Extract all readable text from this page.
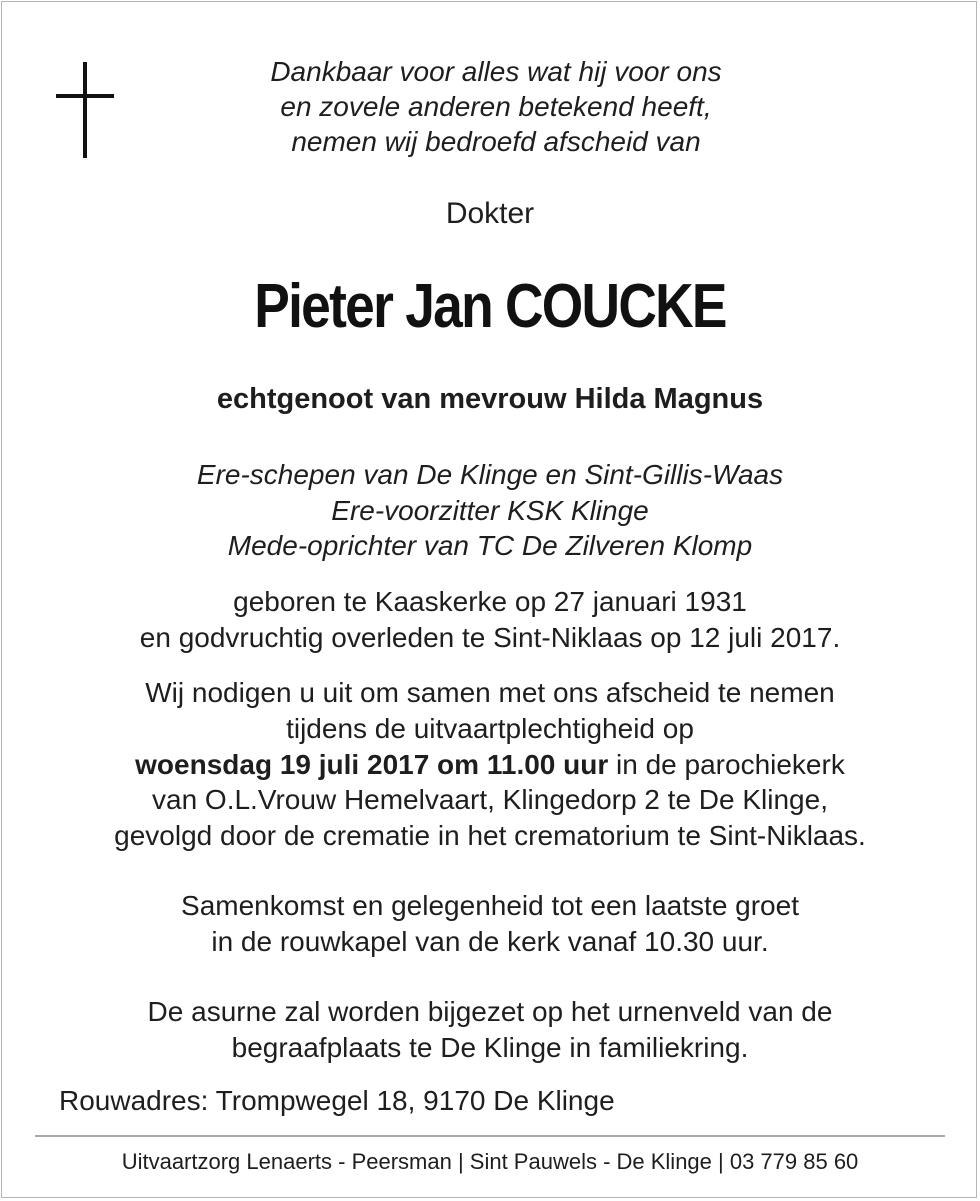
Dankbaar voor alles wat hij voor ons
en zovele anderen betekend heeft,
nemen wij bedroefd afscheid van
Dokter
Pieter Jan COUCKE
echtgenoot van mevrouw Hilda Magnus
Ere-schepen van De Klinge en Sint-Gillis-Waas
Ere-voorzitter KSK Klinge
Mede-oprichter van TC De Zilveren Klomp
geboren te Kaaskerke op 27 januari 1931
en godvruchtig overleden te Sint-Niklaas op 12 juli 2017.
Wij nodigen u uit om samen met ons afscheid te nemen
tijdens de uitvaartplechtigheid op
woensdag 19 juli 2017 om 11.00 uur in de parochiekerk
van O.L.Vrouw Hemelvaart, Klingedorp 2 te De Klinge,
gevolgd door de crematie in het crematorium te Sint-Niklaas.
Samenkomst en gelegenheid tot een laatste groet
in de rouwkapel van de kerk vanaf 10.30 uur.
De asurne zal worden bijgezet op het urnenveld van de
begraafplaats te De Klinge in familiekring.
Rouwadres: Trompwegel 18, 9170 De Klinge
Uitvaartzorg Lenaerts - Peersman | Sint Pauwels - De Klinge | 03 779 85 60
